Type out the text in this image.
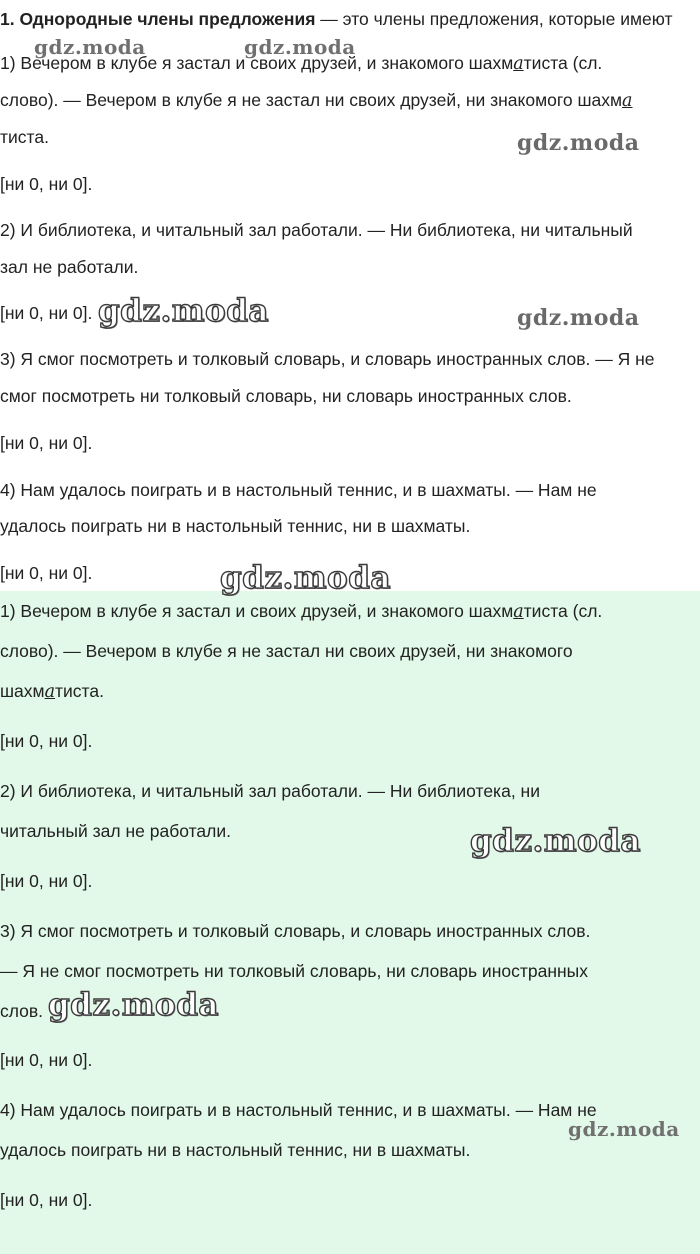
1. Однородные члены предложения — это члены предложения, которые имеют
1) Вечером в клубе я застал и своих друзей, и знакомого шахматиста (сл.
слово). — Вечером в клубе я не застал ни своих друзей, ни знакомого шахма
тиста.
[ни 0, ни 0].
2) И библиотека, и читальный зал работали. — Ни библиотека, ни читальный
зал не работали.
[ни 0, ни 0].
3) Я смог посмотреть и толковый словарь, и словарь иностранных слов. — Я не
смог посмотреть ни толковый словарь, ни словарь иностранных слов.
[ни 0, ни 0].
4) Нам удалось поиграть и в настольный теннис, и в шахматы. — Нам не
удалось поиграть ни в настольный теннис, ни в шахматы.
[ни 0, ни 0].
1) Вечером в клубе я застал и своих друзей, и знакомого шахматиста (сл.
слово). — Вечером в клубе я не застал ни своих друзей, ни знакомого
шахматиста.
[ни 0, ни 0].
2) И библиотека, и читальный зал работали. — Ни библиотека, ни
читальный зал не работали.
[ни 0, ни 0].
3) Я смог посмотреть и толковый словарь, и словарь иностранных слов.
— Я не смог посмотреть ни толковый словарь, ни словарь иностранных
слов.
[ни 0, ни 0].
4) Нам удалось поиграть и в настольный теннис, и в шахматы. — Нам не
удалось поиграть ни в настольный теннис, ни в шахматы.
[ни 0, ни 0].
gdz.moda	gdz.moda
gdz.moda
gdz.moda	gdz.moda
gdz.moda
gdz.moda
gdz.moda
gdz.moda
